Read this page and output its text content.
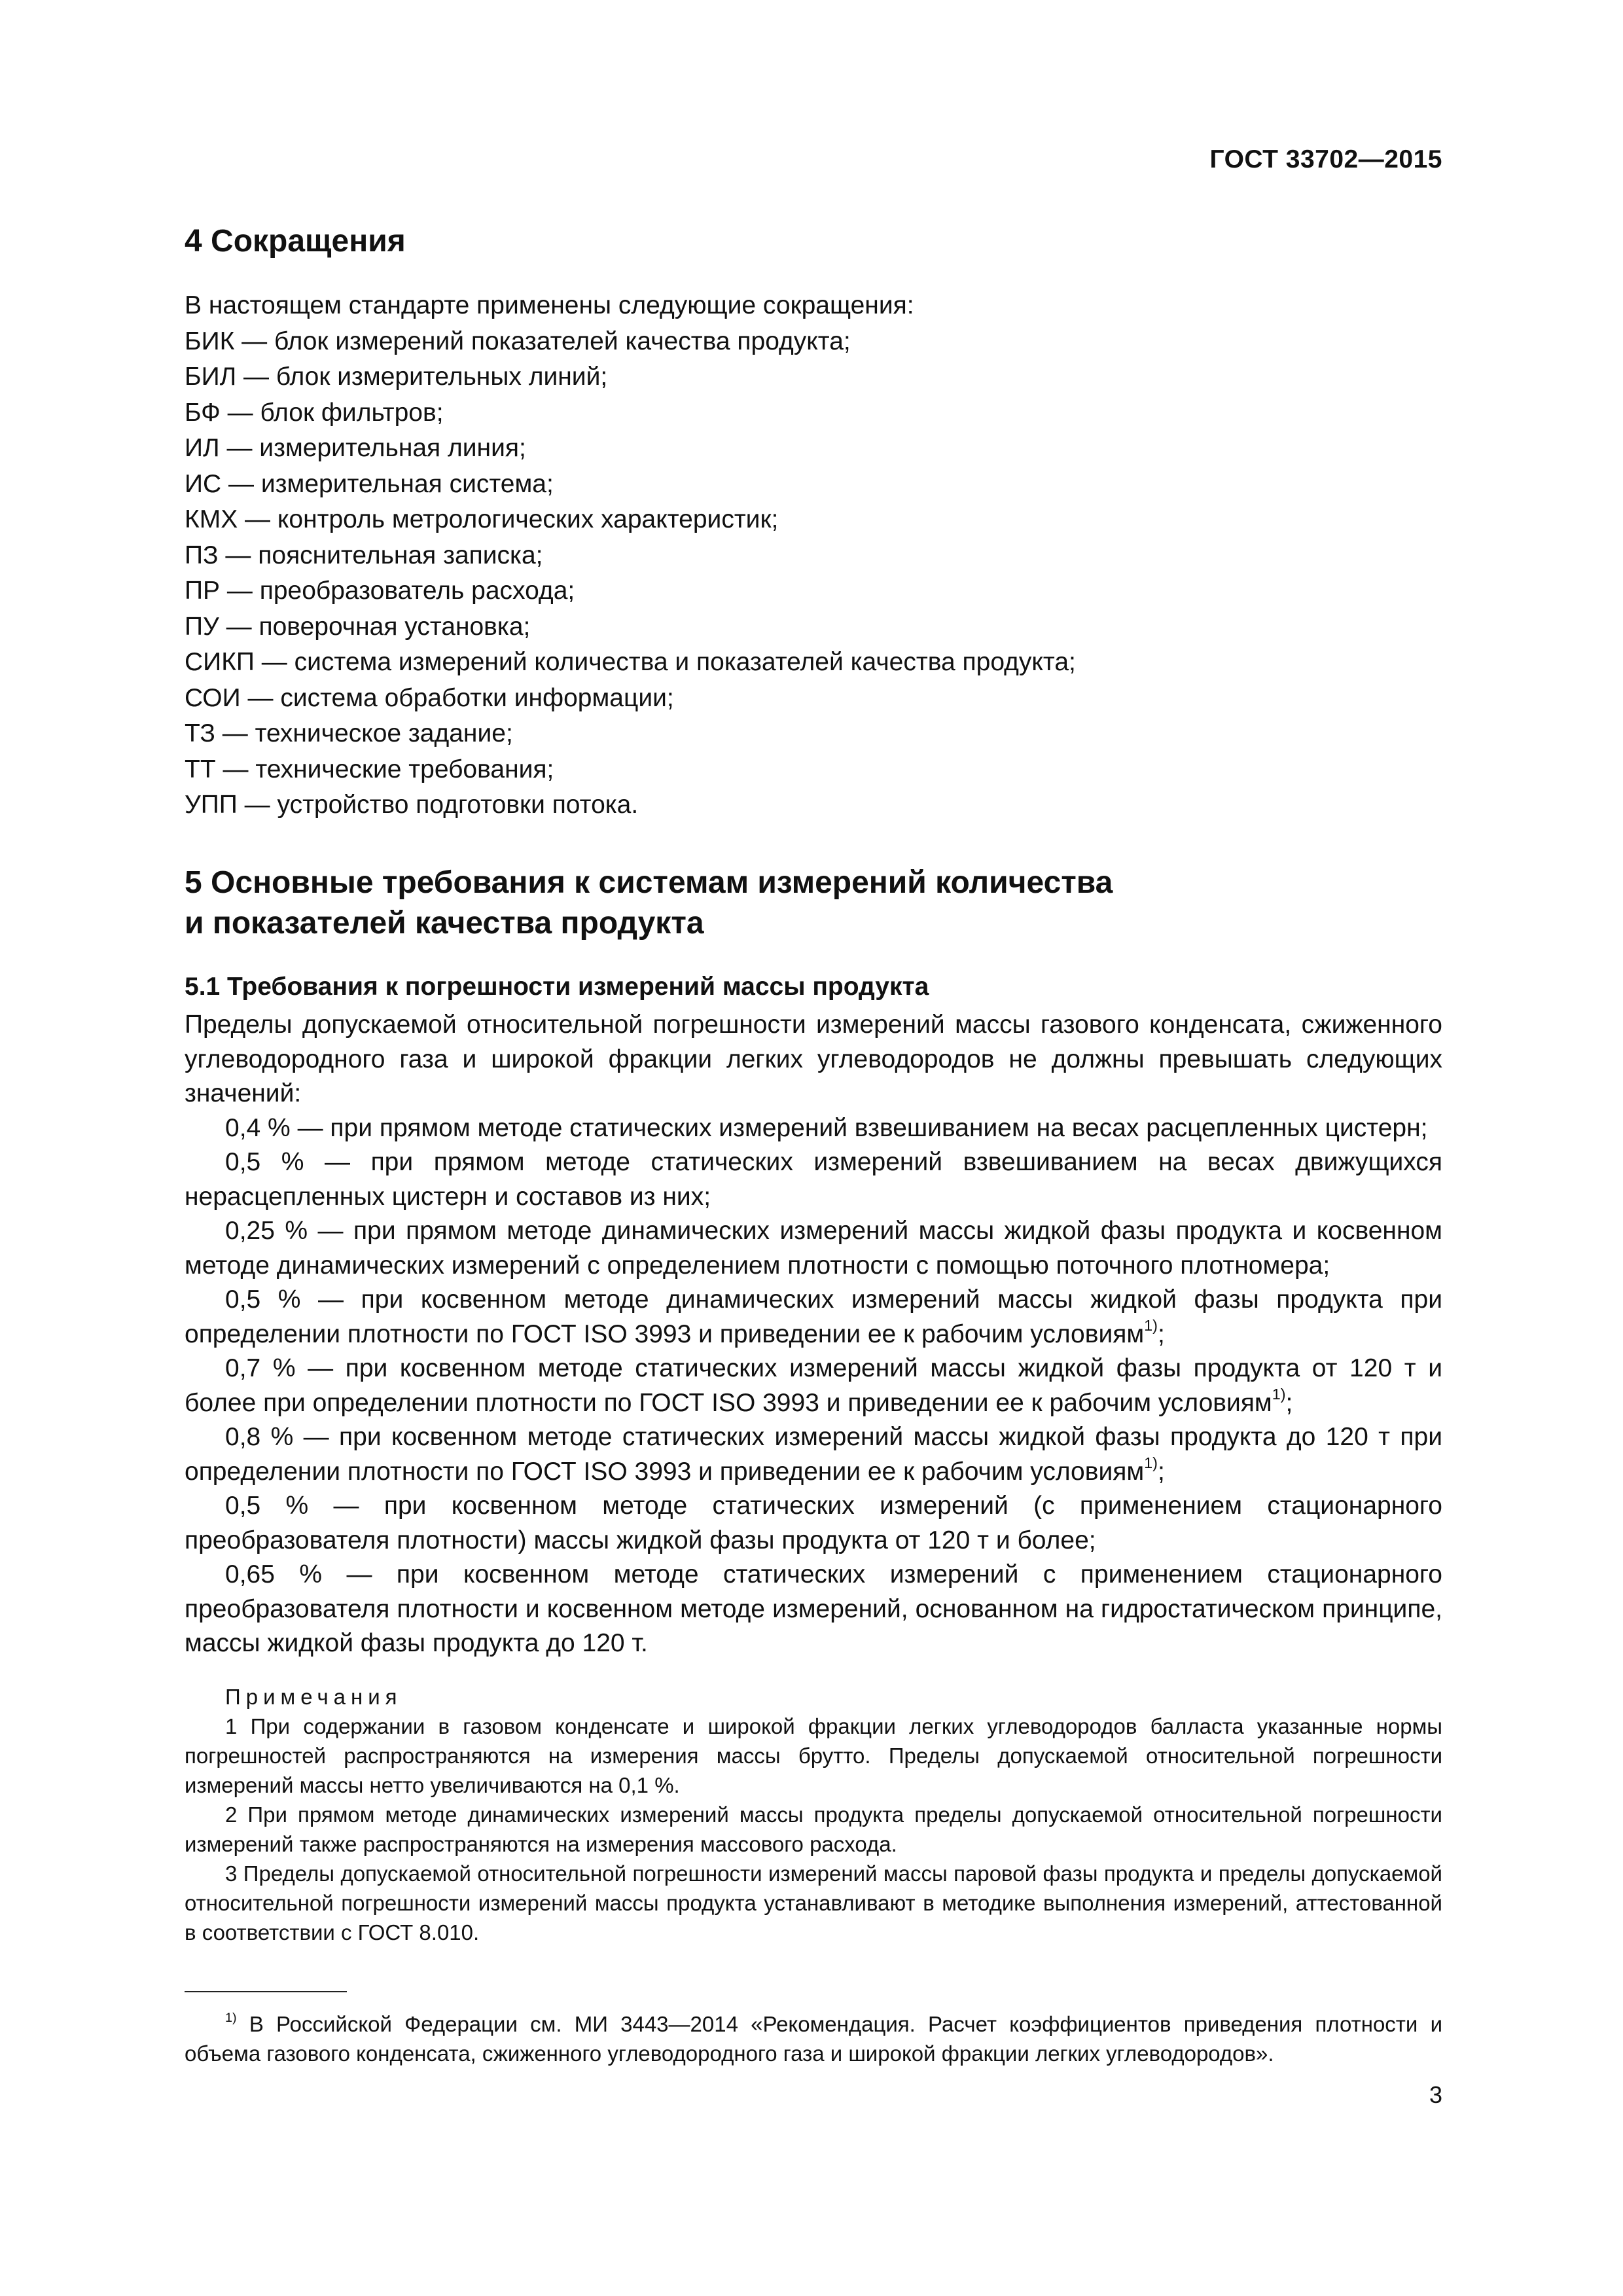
ГОСТ 33702—2015
4 Сокращения
В настоящем стандарте применены следующие сокращения:
БИК — блок измерений показателей качества продукта;
БИЛ — блок измерительных линий;
БФ — блок фильтров;
ИЛ — измерительная линия;
ИС — измерительная система;
КМХ — контроль метрологических характеристик;
ПЗ — пояснительная записка;
ПР — преобразователь расхода;
ПУ — поверочная установка;
СИКП — система измерений количества и показателей качества продукта;
СОИ — система обработки информации;
ТЗ — техническое задание;
ТТ — технические требования;
УПП — устройство подготовки потока.
5 Основные требования к системам измерений количества
и показателей качества продукта
5.1 Требования к погрешности измерений массы продукта

Пределы допускаемой относительной погрешности измерений массы газового конденсата, сжиженного углеводородного газа и широкой фракции легких углеводородов не должны превышать следующих значений:

0,4 % — при прямом методе статических измерений взвешиванием на весах расцепленных цистерн;

0,5 % — при прямом методе статических измерений взвешиванием на весах движущихся нерасцепленных цистерн и составов из них;

0,25 % — при прямом методе динамических измерений массы жидкой фазы продукта и косвенном методе динамических измерений с определением плотности с помощью поточного плотномера;

0,5 % — при косвенном методе динамических измерений массы жидкой фазы продукта при определении плотности по ГОСТ ISO 3993 и приведении ее к рабочим условиям$^{1)}$;

0,7 % — при косвенном методе статических измерений массы жидкой фазы продукта от 120 т и более при определении плотности по ГОСТ ISO 3993 и приведении ее к рабочим условиям$^{1)}$;

0,8 % — при косвенном методе статических измерений массы жидкой фазы продукта до 120 т при определении плотности по ГОСТ ISO 3993 и приведении ее к рабочим условиям$^{1)}$;

0,5 % — при косвенном методе статических измерений (с применением стационарного преобразователя плотности) массы жидкой фазы продукта от 120 т и более;

0,65 % — при косвенном методе статических измерений с применением стационарного преобразователя плотности и косвенном методе измерений, основанном на гидростатическом принципе, массы жидкой фазы продукта до 120 т.

Примечания

1 При содержании в газовом конденсате и широкой фракции легких углеводородов балласта указанные нормы погрешностей распространяются на измерения массы брутто. Пределы допускаемой относительной погрешности измерений массы нетто увеличиваются на 0,1 %.

2 При прямом методе динамических измерений массы продукта пределы допускаемой относительной погрешности измерений также распространяются на измерения массового расхода.

3 Пределы допускаемой относительной погрешности измерений массы паровой фазы продукта и пределы допускаемой относительной погрешности измерений массы продукта устанавливают в методике выполнения измерений, аттестованной в соответствии с ГОСТ 8.010.

$^{1)}$ В Российской Федерации см. МИ 3443—2014 «Рекомендация. Расчет коэффициентов приведения плотности и объема газового конденсата, сжиженного углеводородного газа и широкой фракции легких углеводородов».
3
